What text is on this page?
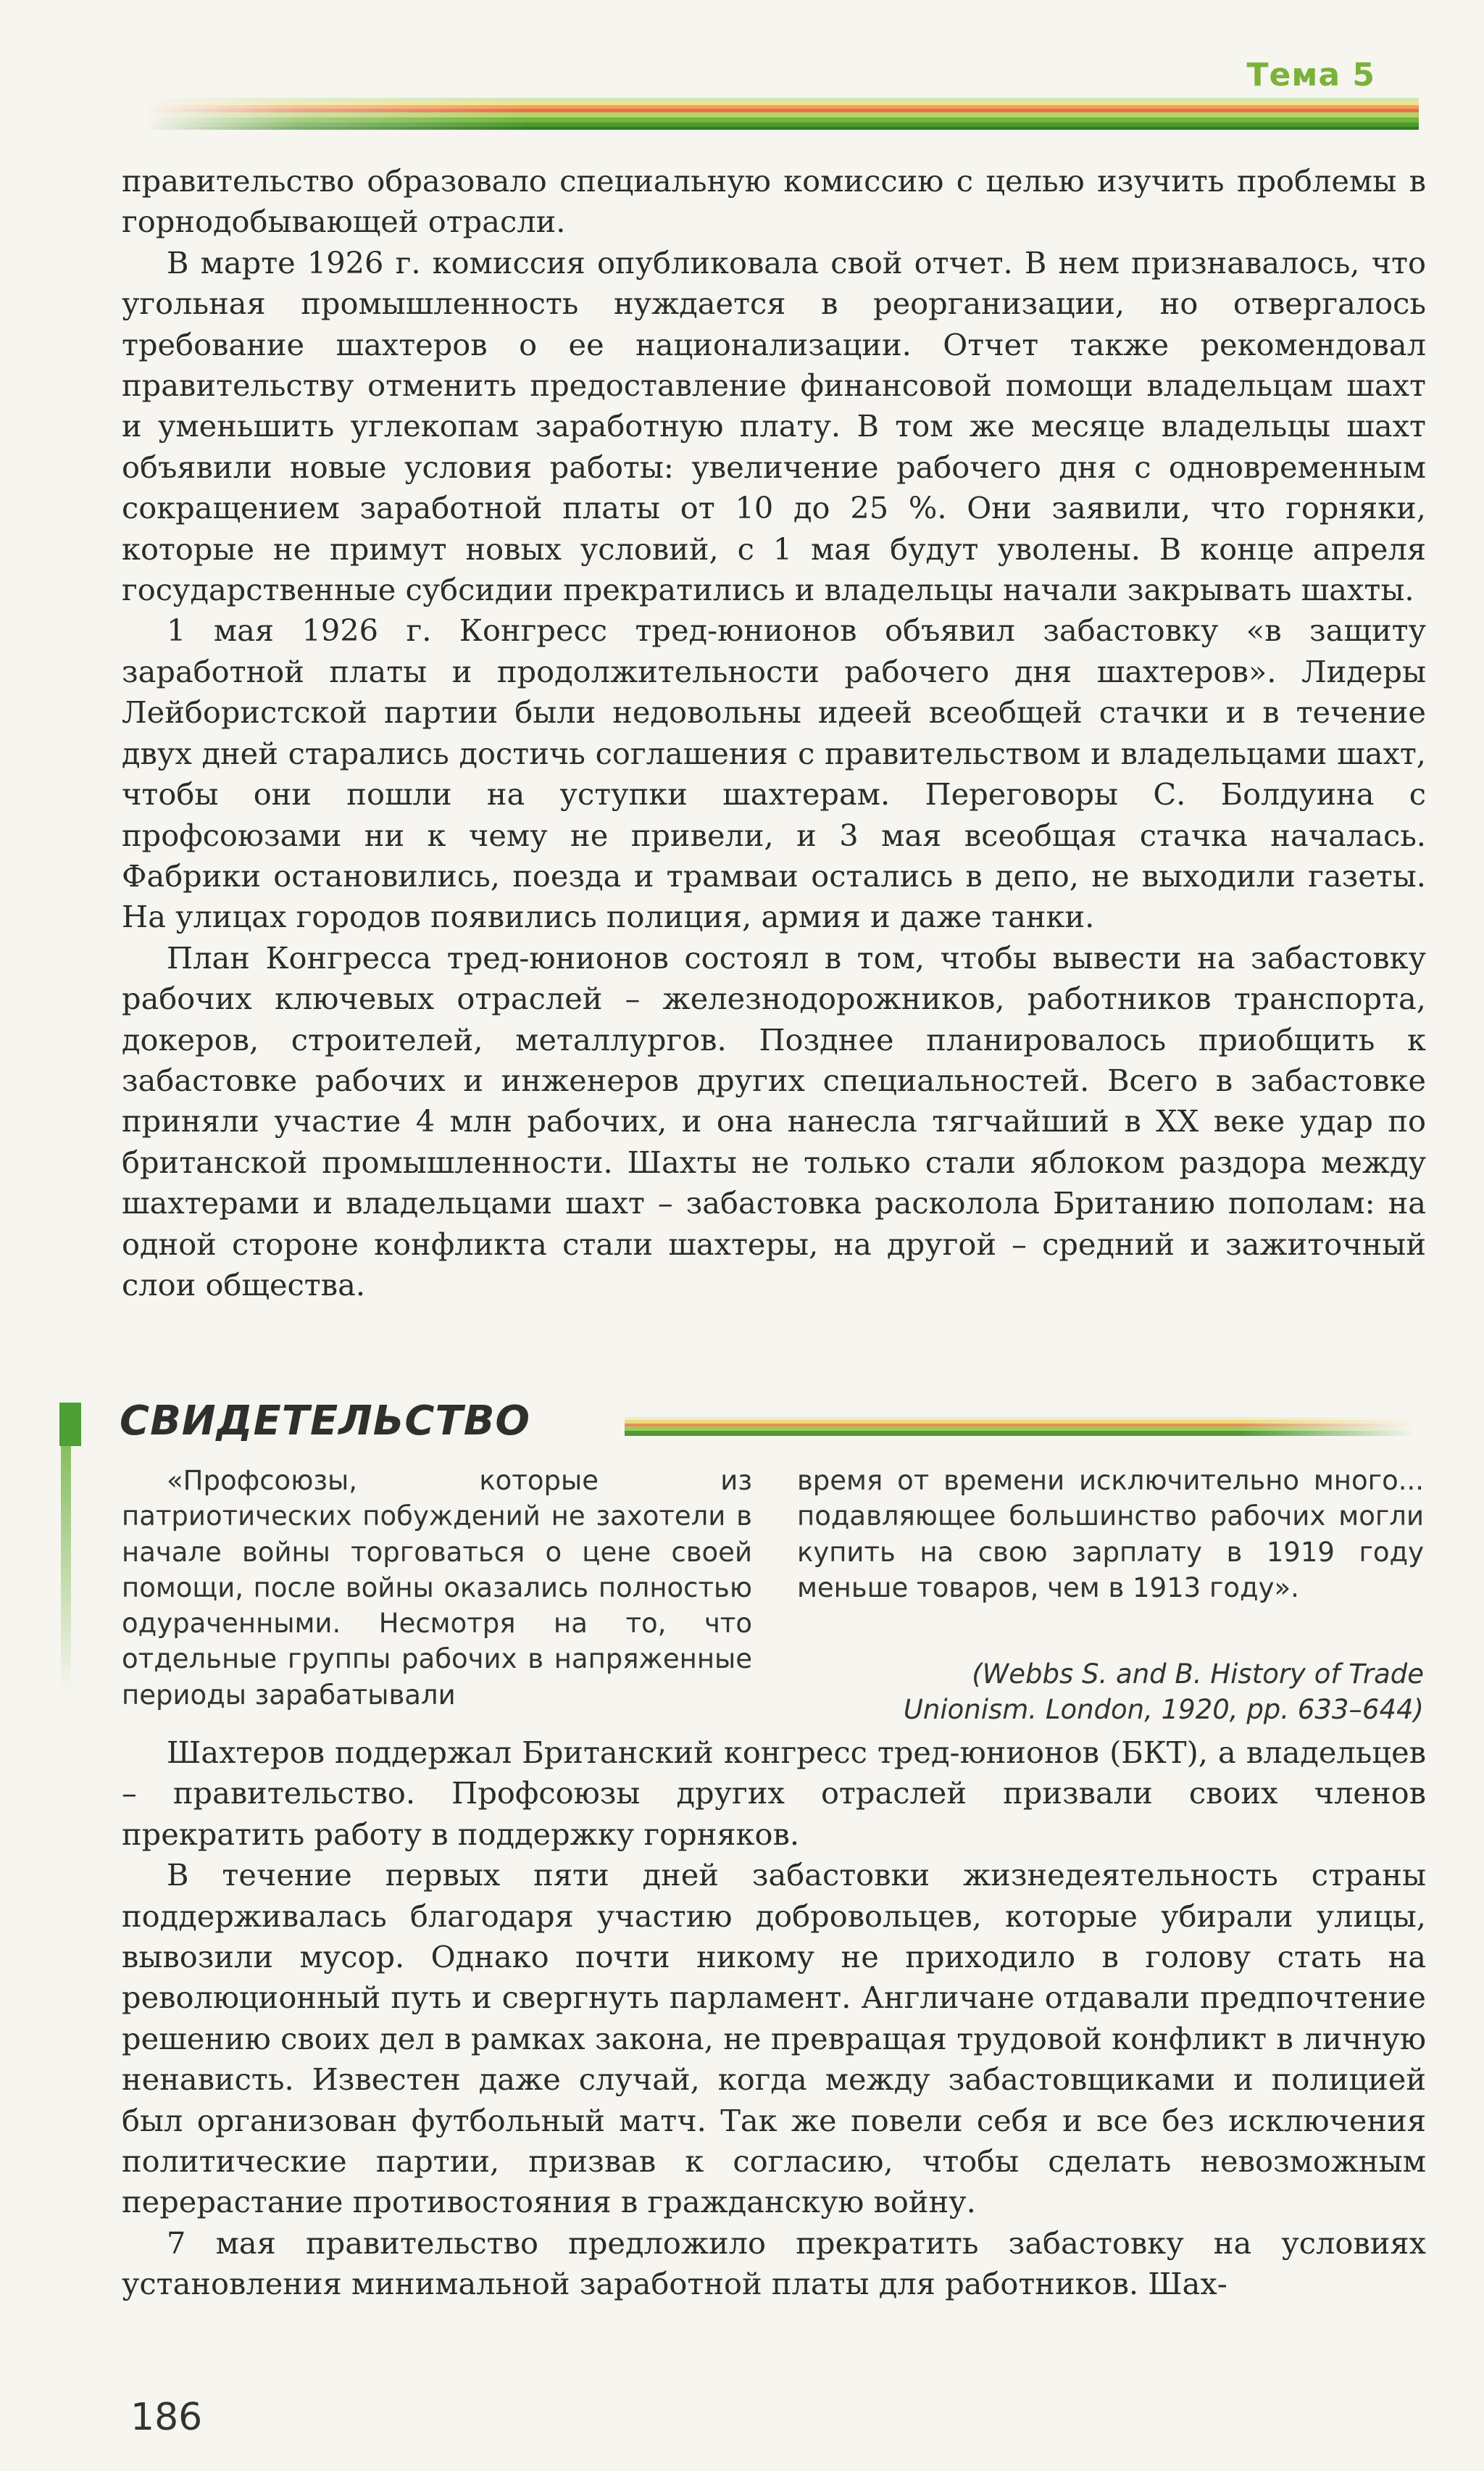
Тема 5

правительство образовало специальную комиссию с целью изучить проблемы в горнодобывающей отрасли.

В марте 1926 г. комиссия опубликовала свой отчет. В нем признавалось, что угольная промышленность нуждается в реорганизации, но отвергалось требование шахтеров о ее национализации. Отчет также рекомендовал правительству отменить предоставление финансовой помощи владельцам шахт и уменьшить углекопам заработную плату. В том же месяце владельцы шахт объявили новые условия работы: увеличение рабочего дня с одновременным сокращением заработной платы от 10 до 25 %. Они заявили, что горняки, которые не примут новых условий, с 1 мая будут уволены. В конце апреля государственные субсидии прекратились и владельцы начали закрывать шахты.

1 мая 1926 г. Конгресс тред-юнионов объявил забастовку «в защиту заработной платы и продолжительности рабочего дня шахтеров». Лидеры Лейбористской партии были недовольны идеей всеобщей стачки и в течение двух дней старались достичь соглашения с правительством и владельцами шахт, чтобы они пошли на уступки шахтерам. Переговоры С. Болдуина с профсоюзами ни к чему не привели, и 3 мая всеобщая стачка началась. Фабрики остановились, поезда и трамваи остались в депо, не выходили газеты. На улицах городов появились полиция, армия и даже танки.

План Конгресса тред-юнионов состоял в том, чтобы вывести на забастовку рабочих ключевых отраслей – железнодорожников, работников транспорта, докеров, строителей, металлургов. Позднее планировалось приобщить к забастовке рабочих и инженеров других специальностей. Всего в забастовке приняли участие 4 млн рабочих, и она нанесла тягчайший в XX веке удар по британской промышленности. Шахты не только стали яблоком раздора между шахтерами и владельцами шахт – забастовка расколола Британию пополам: на одной стороне конфликта стали шахтеры, на другой – средний и зажиточный слои общества.

СВИДЕТЕЛЬСТВО

«Профсоюзы, которые из патриотических побуждений не захотели в начале войны торговаться о цене своей помощи, после войны оказались полностью одураченными. Несмотря на то, что отдельные группы рабочих в напряженные периоды зарабатывали

время от времени исключительно много... подавляющее большинство рабочих могли купить на свою зарплату в 1919 году меньше товаров, чем в 1913 году».

(Webbs S. and B. History of Trade
Unionism. London, 1920, pp. 633–644)

Шахтеров поддержал Британский конгресс тред-юнионов (БКТ), а владельцев – правительство. Профсоюзы других отраслей призвали своих членов прекратить работу в поддержку горняков.

В течение первых пяти дней забастовки жизнедеятельность страны поддерживалась благодаря участию добровольцев, которые убирали улицы, вывозили мусор. Однако почти никому не приходило в голову стать на революционный путь и свергнуть парламент. Англичане отдавали предпочтение решению своих дел в рамках закона, не превращая трудовой конфликт в личную ненависть. Известен даже случай, когда между забастовщиками и полицией был организован футбольный матч. Так же повели себя и все без исключения политические партии, призвав к согласию, чтобы сделать невозможным перерастание противостояния в гражданскую войну.

7 мая правительство предложило прекратить забастовку на условиях установления минимальной заработной платы для работников. Шах-

186
